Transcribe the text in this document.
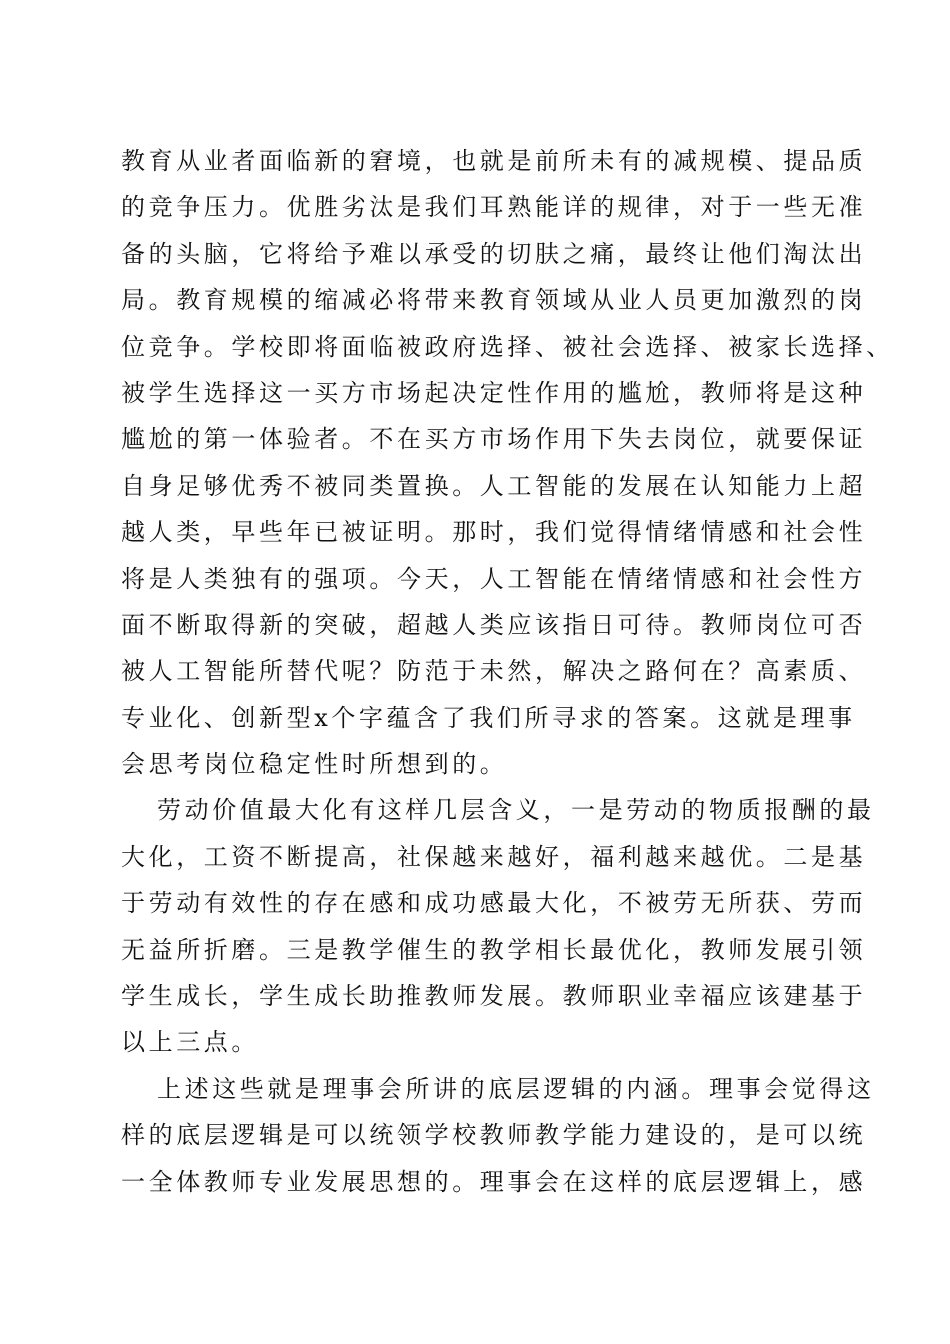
教育从业者面临新的窘境，也就是前所未有的减规模、提品质
的竞争压力。优胜劣汰是我们耳熟能详的规律，对于一些无准
备的头脑，它将给予难以承受的切肤之痛，最终让他们淘汰出
局。教育规模的缩减必将带来教育领域从业人员更加激烈的岗
位竞争。学校即将面临被政府选择、被社会选择、被家长选择、
被学生选择这一买方市场起决定性作用的尴尬，教师将是这种
尴尬的第一体验者。不在买方市场作用下失去岗位，就要保证
自身足够优秀不被同类置换。人工智能的发展在认知能力上超
越人类，早些年已被证明。那时，我们觉得情绪情感和社会性
将是人类独有的强项。今天，人工智能在情绪情感和社会性方
面不断取得新的突破，超越人类应该指日可待。教师岗位可否
被人工智能所替代呢？防范于未然，解决之路何在？高素质、
专业化、创新型x个字蕴含了我们所寻求的答案。这就是理事
会思考岗位稳定性时所想到的。
劳动价值最大化有这样几层含义，一是劳动的物质报酬的最
大化，工资不断提高，社保越来越好，福利越来越优。二是基
于劳动有效性的存在感和成功感最大化，不被劳无所获、劳而
无益所折磨。三是教学催生的教学相长最优化，教师发展引领
学生成长，学生成长助推教师发展。教师职业幸福应该建基于
以上三点。
上述这些就是理事会所讲的底层逻辑的内涵。理事会觉得这
样的底层逻辑是可以统领学校教师教学能力建设的，是可以统
一全体教师专业发展思想的。理事会在这样的底层逻辑上，感
